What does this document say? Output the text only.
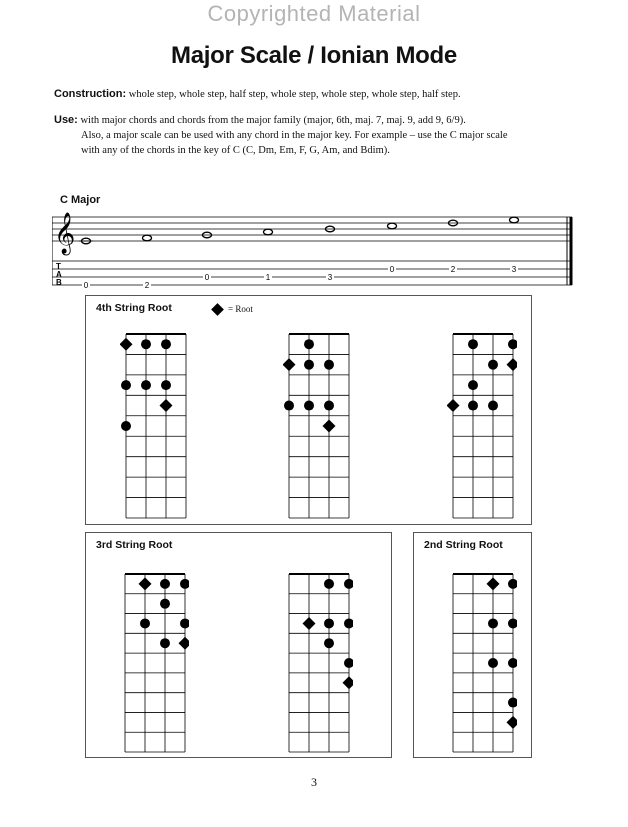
Copyrighted Material
Major Scale / Ionian Mode
Construction: whole step, whole step, half step, whole step, whole step, whole step, half step.
Use: with major chords and chords from the major family (major, 6th, maj. 7, maj. 9, add 9, 6/9).
Also, a major scale can be used with any chord in the major key. For example – use the C major scale
with any of the chords in the key of C (C, Dm, Em, F, G, Am, and Bdim).
C Major
𝄞
T
A
B	0	2
0	1	3
0	2	3
4th String Root	= Root
3rd String Root	2nd String Root
3
